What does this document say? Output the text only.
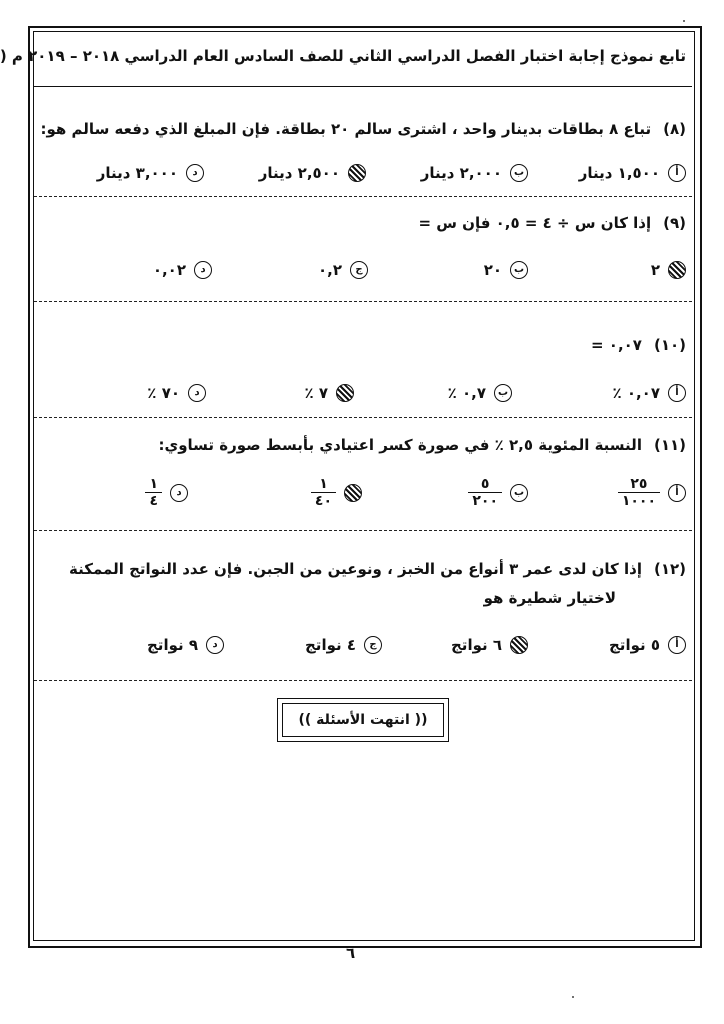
تابع نموذج إجابة اختبار الفصل الدراسي الثاني للصف السادس العام الدراسي ٢٠١٨ – ٢٠١٩ م (
(٨)تباع ٨ بطاقات بدينار واحد ، اشترى سالم ٢٠ بطاقة. فإن المبلغ الذي دفعه سالم هو:
أ
١,٥٠٠ دينار
ب
٢,٠٠٠ دينار
٢,٥٠٠ دينار
د
٣,٠٠٠ دينار
(٩)إذا كان س ÷ ٤ = ٠,٥ فإن س =
٢
ب
٢٠
ج
٠,٢
د
٠,٠٢
(١٠)٠,٠٧ =
أ
٠,٠٧ ٪
ب
٠,٧ ٪
٧ ٪
د
٧٠ ٪
(١١)النسبة المئوية ٢,٥ ٪ في صورة كسر اعتيادي بأبسط صورة تساوي:
أ
$\frac{٢٥}{١٠٠٠}$
ب
$\frac{٥}{٢٠٠}$
$\frac{١}{٤٠}$
د
$\frac{١}{٤}$
(١٢)إذا كان لدى عمر ٣ أنواع من الخبز ، ونوعين من الجبن. فإن عدد النواتج الممكنة
لاختيار شطيرة هو
أ
٥ نواتج
٦ نواتج
ج
٤ نواتج
د
٩ نواتج
(( انتهت الأسئلة ))
٦
